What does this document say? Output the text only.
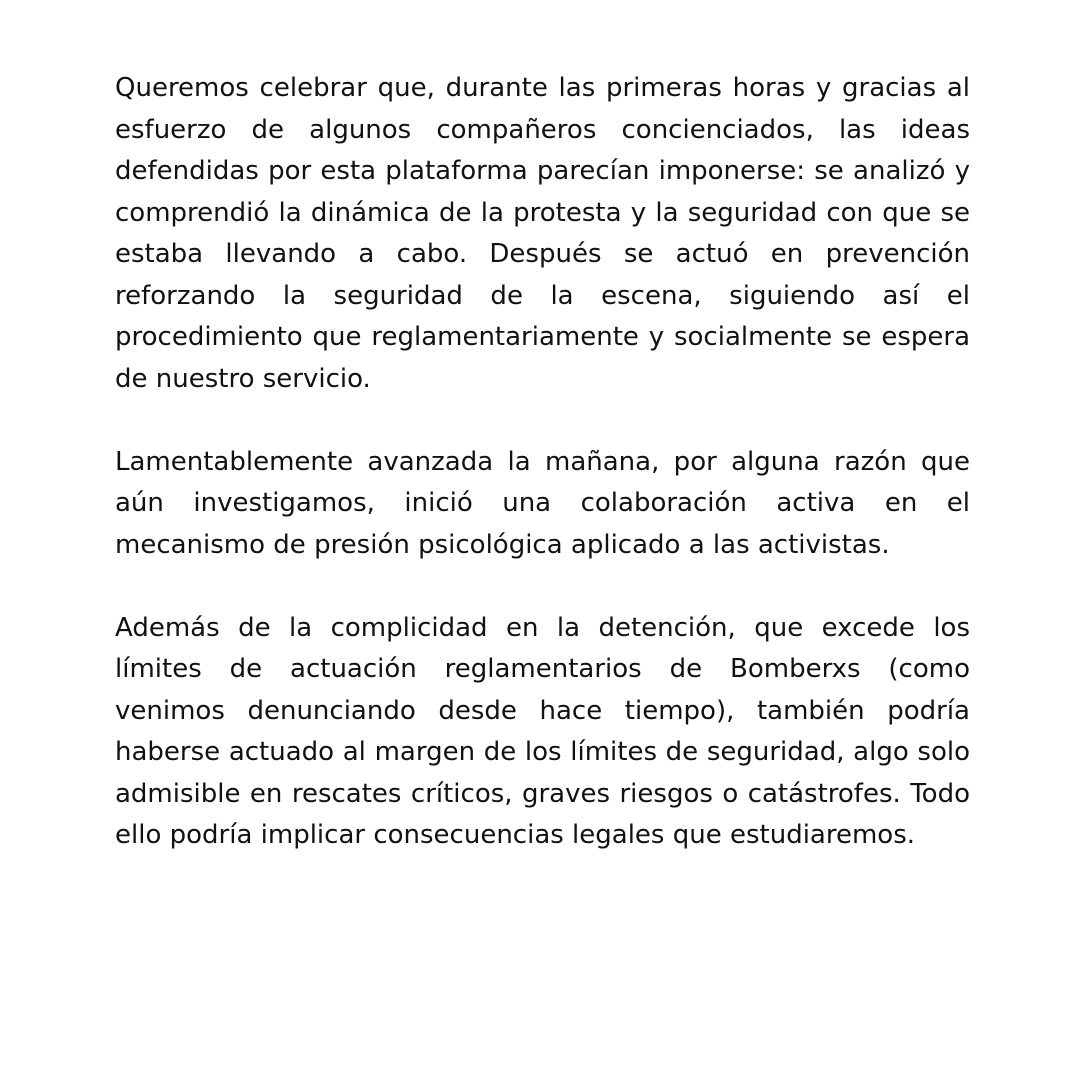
Queremos celebrar que, durante las primeras horas y gracias al esfuerzo de algunos compañeros concienciados, las ideas defendidas por esta plataforma parecían imponerse: se analizó y comprendió la dinámica de la protesta y la seguridad con que se estaba llevando a cabo. Después se actuó en prevención reforzando la seguridad de la escena, siguiendo así el procedimiento que reglamentariamente y socialmente se espera de nuestro servicio.

Lamentablemente avanzada la mañana, por alguna razón que aún investigamos, inició una colaboración activa en el mecanismo de presión psicológica aplicado a las activistas.

Además de la complicidad en la detención, que excede los límites de actuación reglamentarios de Bomberxs (como venimos denunciando desde hace tiempo), también podría haberse actuado al margen de los límites de seguridad, algo solo admisible en rescates críticos, graves riesgos o catástrofes. Todo ello podría implicar consecuencias legales que estudiaremos.
